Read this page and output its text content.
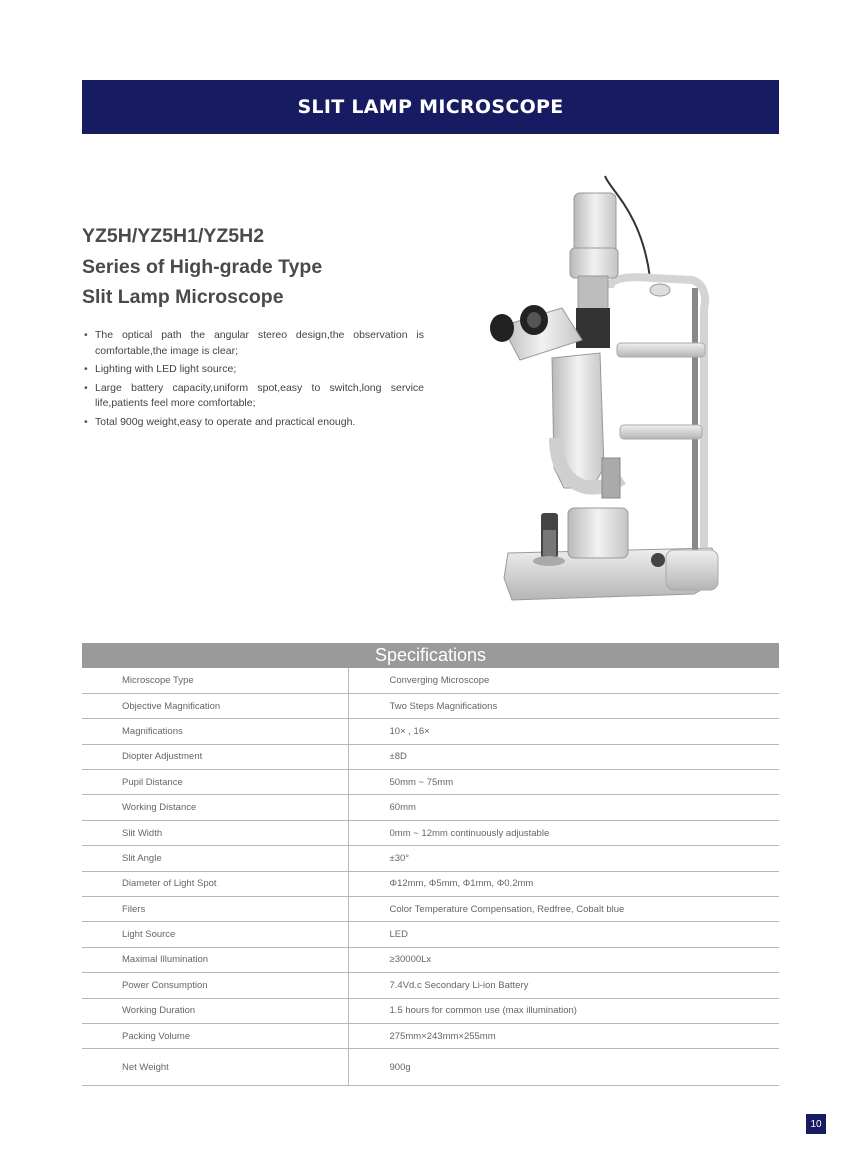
SLIT LAMP MICROSCOPE
YZ5H/YZ5H1/YZ5H2
Series of High-grade Type
Slit Lamp Microscope
• The optical path the angular stereo design,the observation is comfortable,the image is clear;
• Lighting with LED light source;
• Large battery capacity,uniform spot,easy to switch,long service life,patients feel more comfortable;
• Total 900g weight,easy to operate and practical enough.
Specifications
Microscope Type	Converging Microscope
Objective Magnification	Two Steps Magnifications
Magnifications	10× , 16×
Diopter Adjustment	±8D
Pupil Distance	50mm ~ 75mm
Working Distance	60mm
Slit Width	0mm ~ 12mm continuously adjustable
Slit Angle	±30°
Diameter of Light Spot	Φ12mm, Φ5mm, Φ1mm, Φ0.2mm
Filers	Color Temperature Compensation, Redfree, Cobalt blue
Light Source	LED
Maximal Illumination	≥30000Lx
Power Consumption	7.4Vd.c Secondary Li-ion Battery
Working Duration	1.5 hours for common use (max illumination)
Packing Volume	275mm×243mm×255mm
Net Weight	900g
10
